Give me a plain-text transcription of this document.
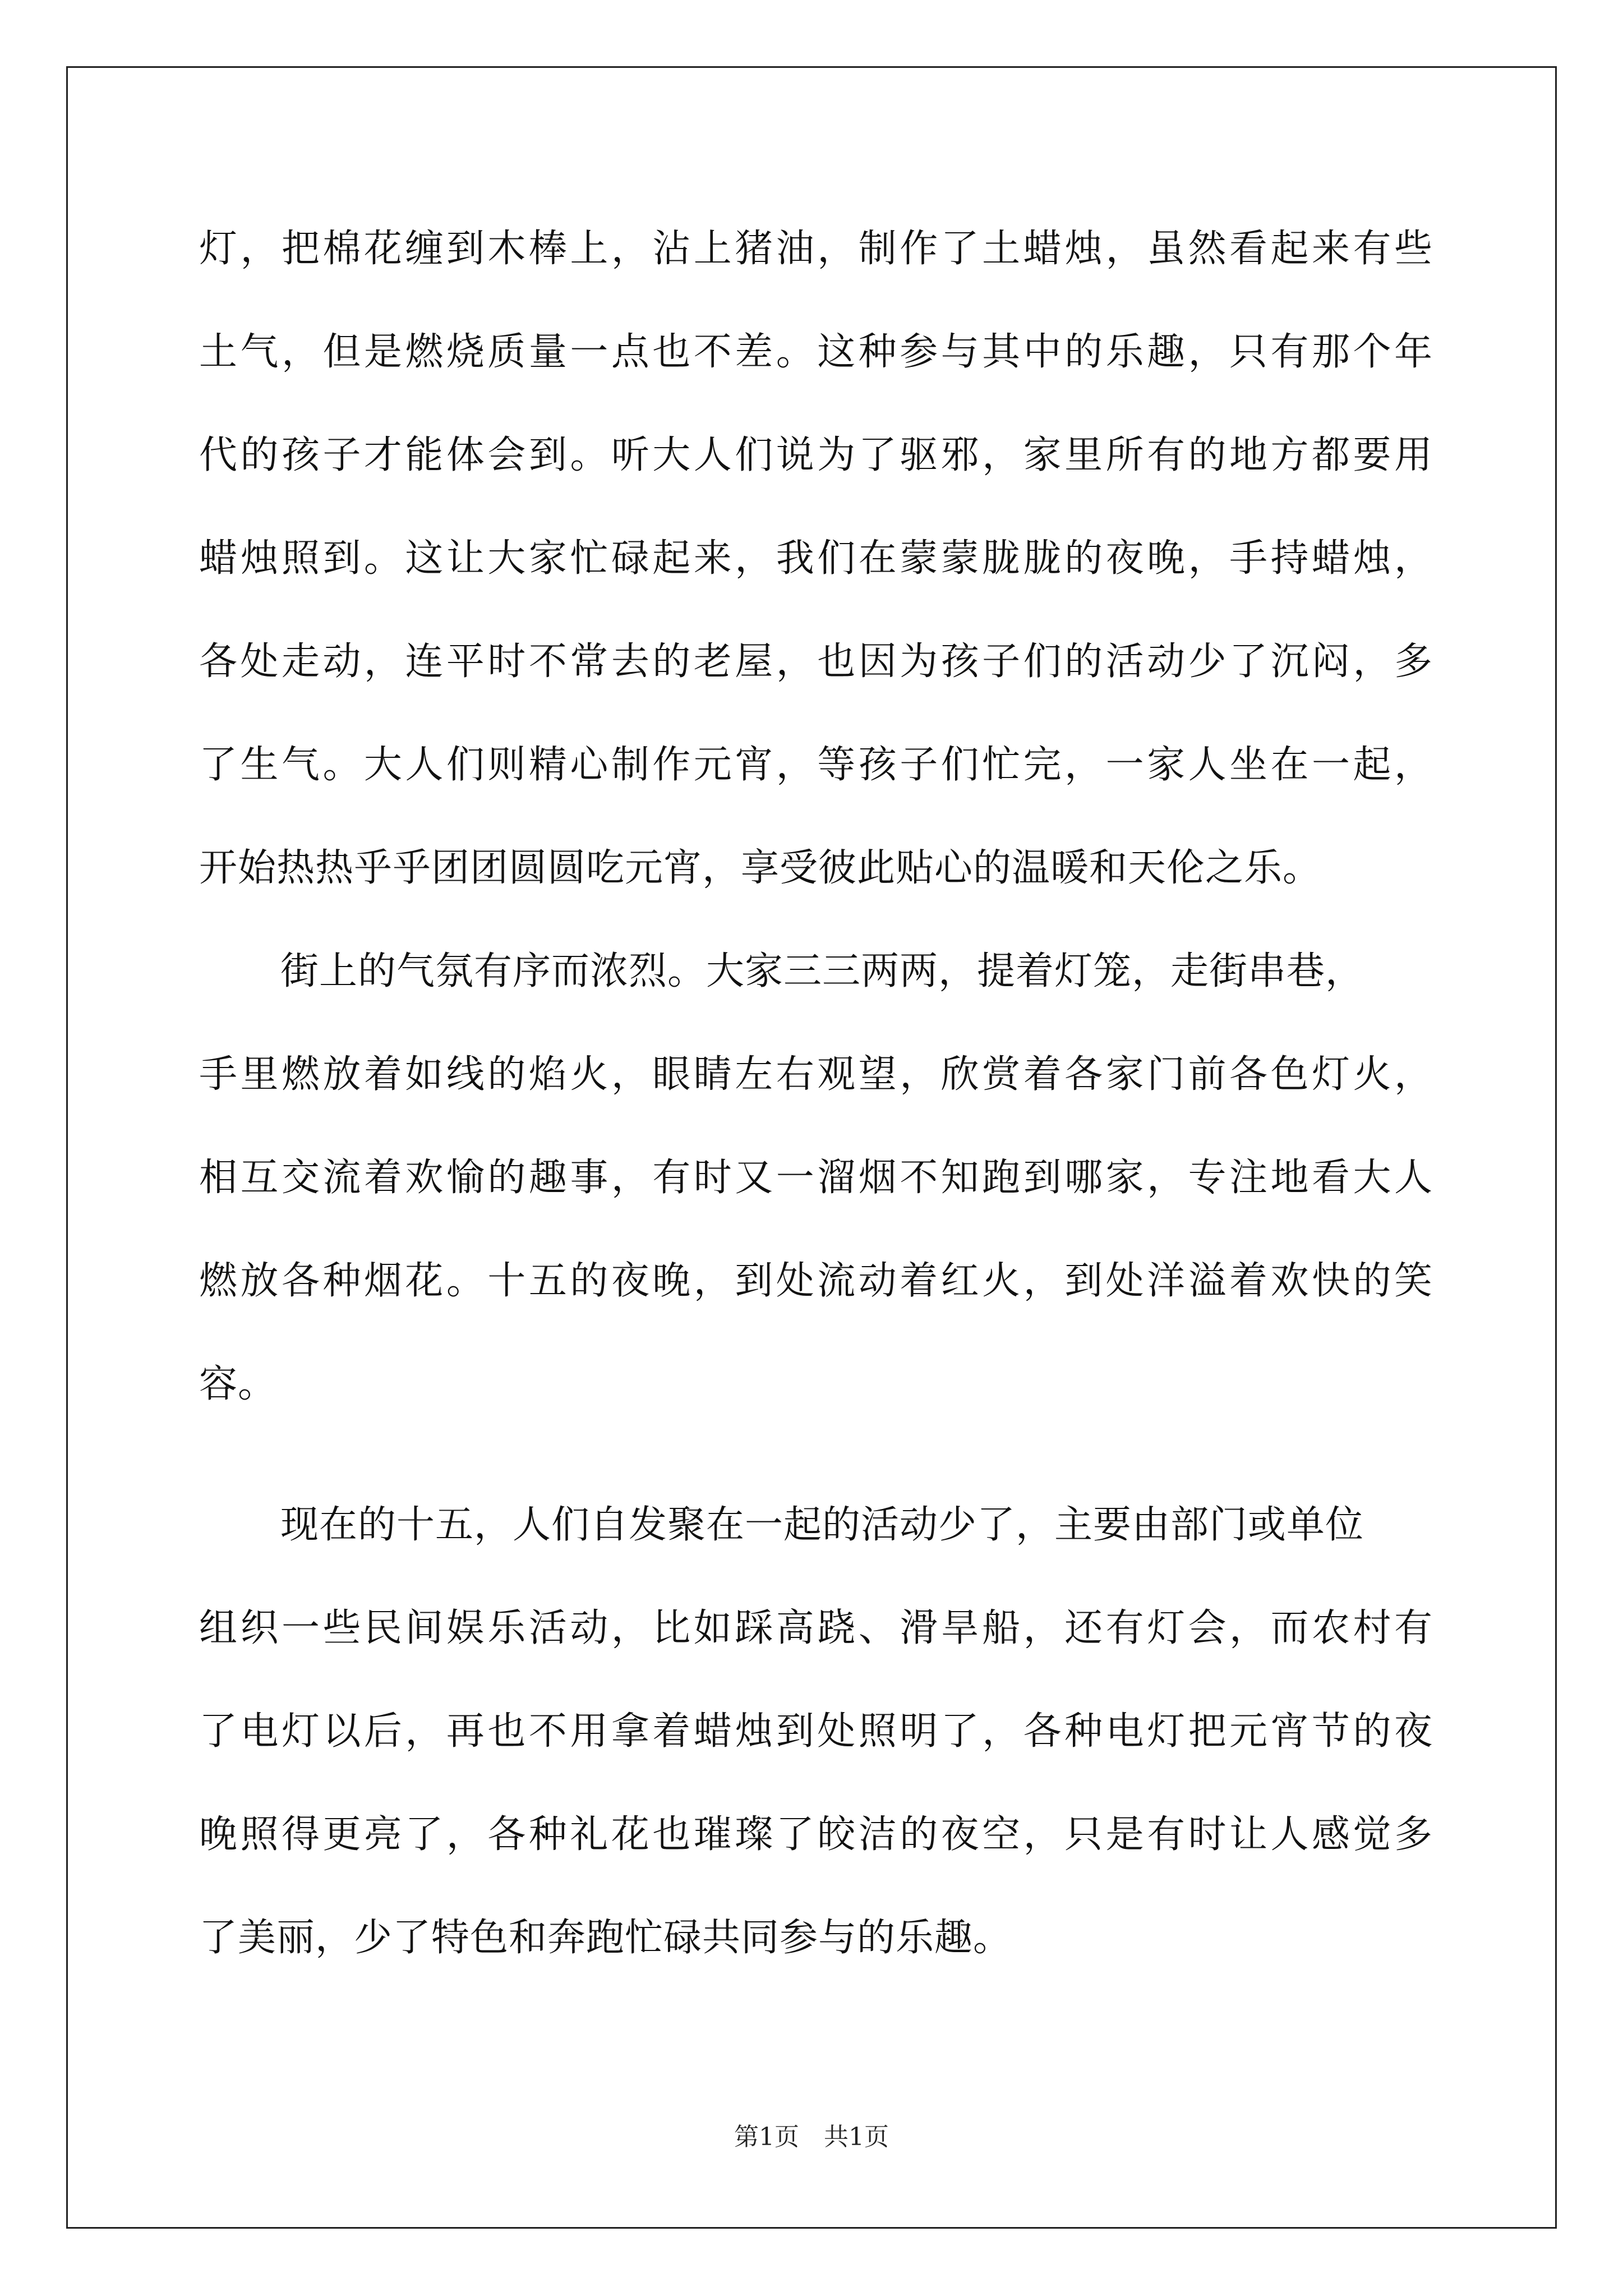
灯，把棉花缠到木棒上，沾上猪油，制作了土蜡烛，虽然看起来有些

土气，但是燃烧质量一点也不差。这种参与其中的乐趣，只有那个年

代的孩子才能体会到。听大人们说为了驱邪，家里所有的地方都要用

蜡烛照到。这让大家忙碌起来，我们在蒙蒙胧胧的夜晚，手持蜡烛，

各处走动，连平时不常去的老屋，也因为孩子们的活动少了沉闷，多

了生气。大人们则精心制作元宵，等孩子们忙完，一家人坐在一起，

开始热热乎乎团团圆圆吃元宵，享受彼此贴心的温暖和天伦之乐。

街上的气氛有序而浓烈。大家三三两两，提着灯笼，走街串巷，

手里燃放着如线的焰火，眼睛左右观望，欣赏着各家门前各色灯火，

相互交流着欢愉的趣事，有时又一溜烟不知跑到哪家，专注地看大人

燃放各种烟花。十五的夜晚，到处流动着红火，到处洋溢着欢快的笑

容。

现在的十五，人们自发聚在一起的活动少了，主要由部门或单位

组织一些民间娱乐活动，比如踩高跷、滑旱船，还有灯会，而农村有

了电灯以后，再也不用拿着蜡烛到处照明了，各种电灯把元宵节的夜

晚照得更亮了，各种礼花也璀璨了皎洁的夜空，只是有时让人感觉多

了美丽，少了特色和奔跑忙碌共同参与的乐趣。

第1页　共1页
